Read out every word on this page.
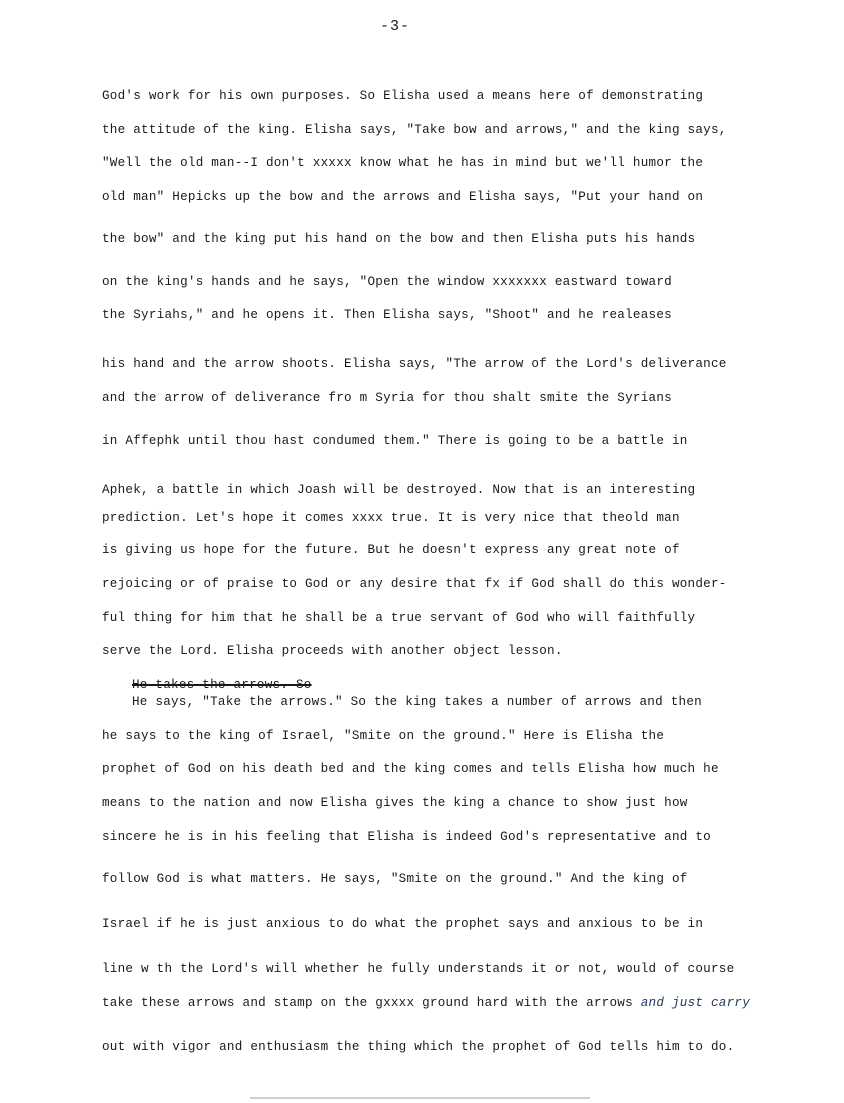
-3-
God's work for his own purposes. So Elisha used a means here of demonstrating
the attitude of the king. Elisha says, "Take bow and arrows," and the king says,
"Well the old man--I don't xxxxx know what he has in mind but we'll humor the
old man" Hepicks up the bow and the arrows and Elisha says, "Put your hand on
the bow" and the king put his hand on the bow and then Elisha puts his hands
on the king's hands and he says, "Open the window xxxxxxx eastward toward
the Syriahs," and he opens it. Then Elisha says, "Shoot" and he realeases
his hand and the arrow shoots. Elisha says, "The arrow of the Lord's deliverance
and the arrow of deliverance fro m Syria for thou shalt smite the Syrians
in Affephk until thou hast condumed them." There is going to be a battle in
Aphek, a battle in which Joash will be destroyed. Now that is an interesting
prediction. Let's hope it comes xxxx true. It is very nice that theold man
is giving us hope for the future. But he doesn't express any great note of
rejoicing or of praise to God or any desire that fx if God shall do this wonder-
ful thing for him that he shall be a true servant of God who will faithfully
serve the Lord. Elisha proceeds with another object lesson.
He takes the arrows. So
He says, "Take the arrows." So the king takes a number of arrows and then
he says to the king of Israel, "Smite on the ground." Here is Elisha the
prophet of God on his death bed and the king comes and tells Elisha how much he
means to the nation and now Elisha gives the king a chance to show just how
sincere he is in his feeling that Elisha is indeed God's representative and to
follow God is what matters. He says, "Smite on the ground." And the king of
Israel if he is just anxious to do what the prophet says and anxious to be in
line w th the Lord's will whether he fully understands it or not, would of course
take these arrows and stamp on the gxxxx ground hard with the arrows and just carry
out with vigor and enthusiasm the thing which the prophet of God tells him to do.
